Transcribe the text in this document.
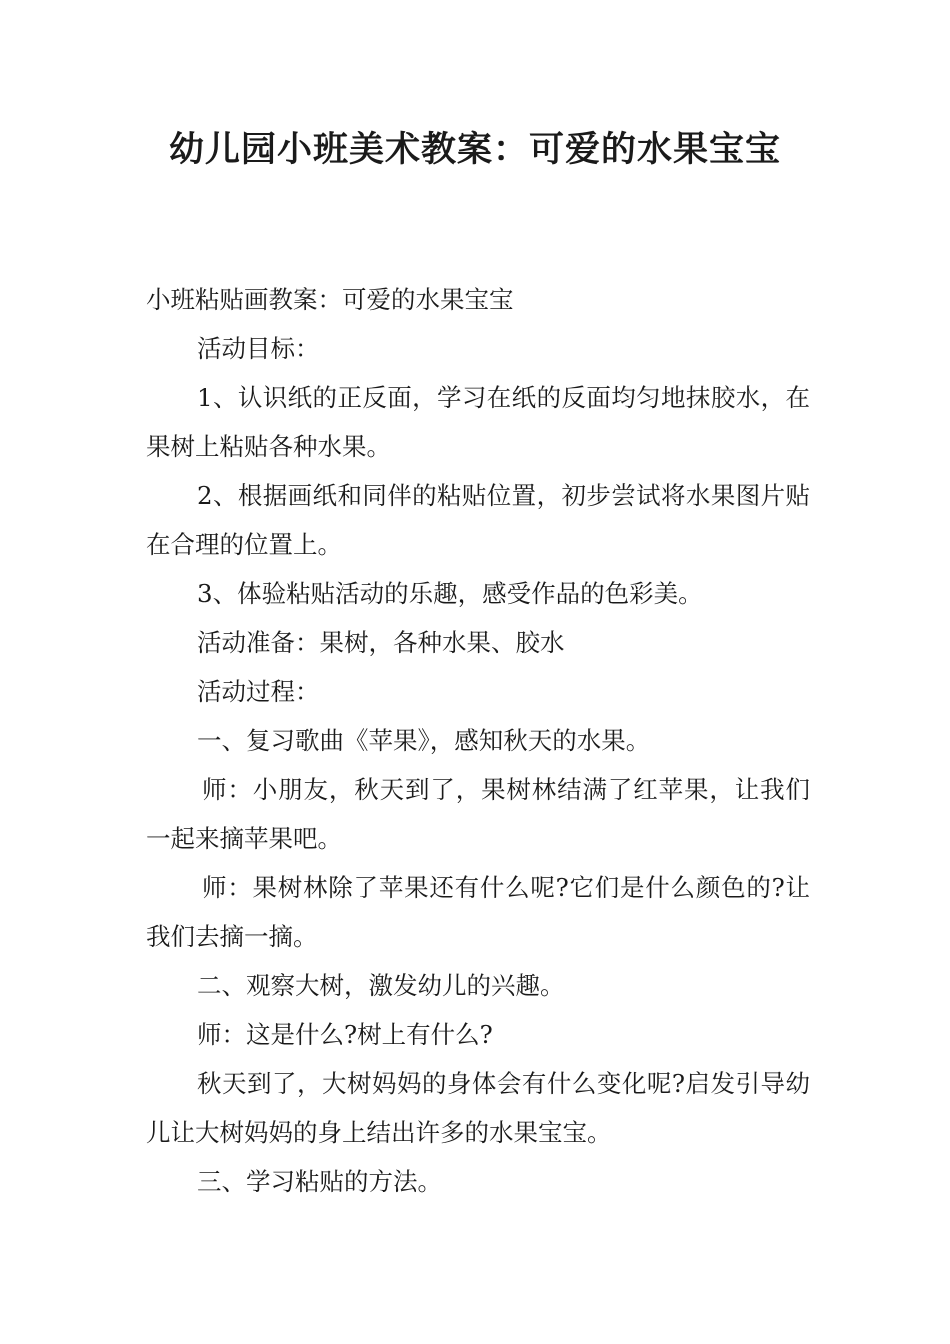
幼儿园小班美术教案：可爱的水果宝宝

小班粘贴画教案：可爱的水果宝宝

活动目标：

1、认识纸的正反面，学习在纸的反面均匀地抹胶水，在果树上粘贴各种水果。

2、根据画纸和同伴的粘贴位置，初步尝试将水果图片贴在合理的位置上。

3、体验粘贴活动的乐趣，感受作品的色彩美。

活动准备：果树，各种水果、胶水

活动过程：

一、复习歌曲《苹果》，感知秋天的水果。

师：小朋友，秋天到了，果树林结满了红苹果，让我们一起来摘苹果吧。

师：果树林除了苹果还有什么呢?它们是什么颜色的?让我们去摘一摘。

二、观察大树，激发幼儿的兴趣。

师：这是什么?树上有什么?

秋天到了，大树妈妈的身体会有什么变化呢?启发引导幼儿让大树妈妈的身上结出许多的水果宝宝。

三、学习粘贴的方法。
